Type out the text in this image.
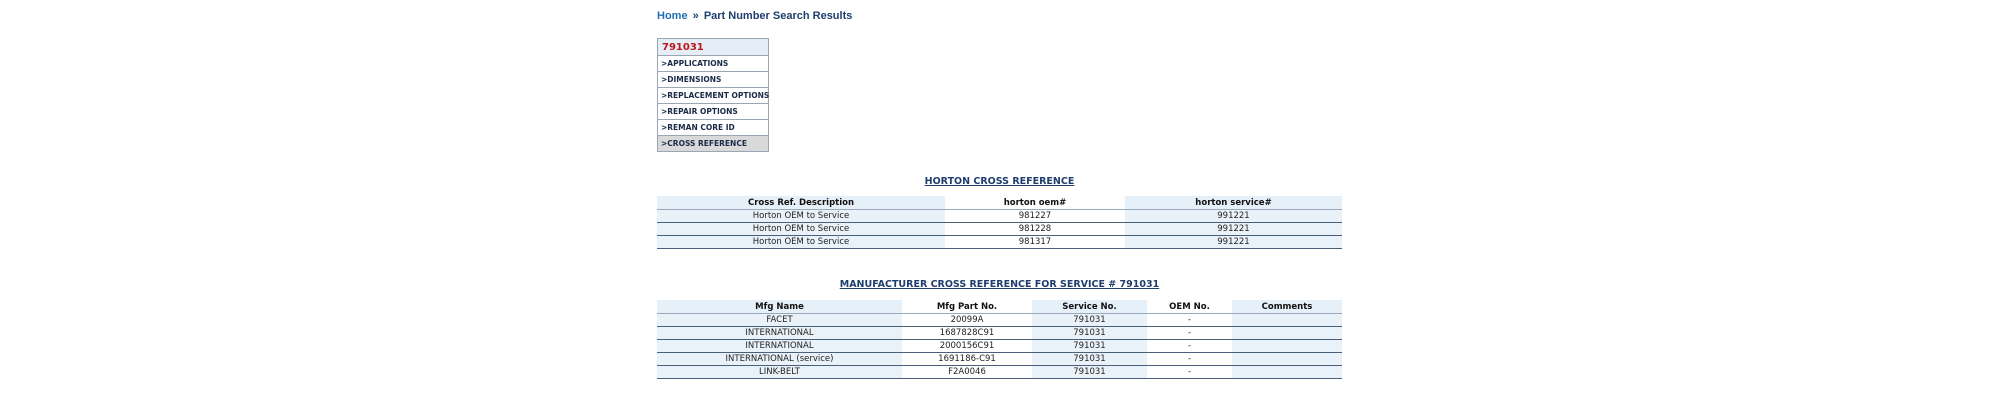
Home » Part Number Search Results
791031
>APPLICATIONS
>DIMENSIONS
>REPLACEMENT OPTIONS
>REPAIR OPTIONS
>REMAN CORE ID
>CROSS REFERENCE
HORTON CROSS REFERENCE
Cross Ref. Description	horton oem#	horton service#
Horton OEM to Service	981227	991221
Horton OEM to Service	981228	991221
Horton OEM to Service	981317	991221
MANUFACTURER CROSS REFERENCE FOR SERVICE # 791031
Mfg Name	Mfg Part No.	Service No.	OEM No.	Comments
FACET	20099A	791031	-	
INTERNATIONAL	1687828C91	791031	-	
INTERNATIONAL	2000156C91	791031	-	
INTERNATIONAL (service)	1691186-C91	791031	-	
LINK-BELT	F2A0046	791031	-	
